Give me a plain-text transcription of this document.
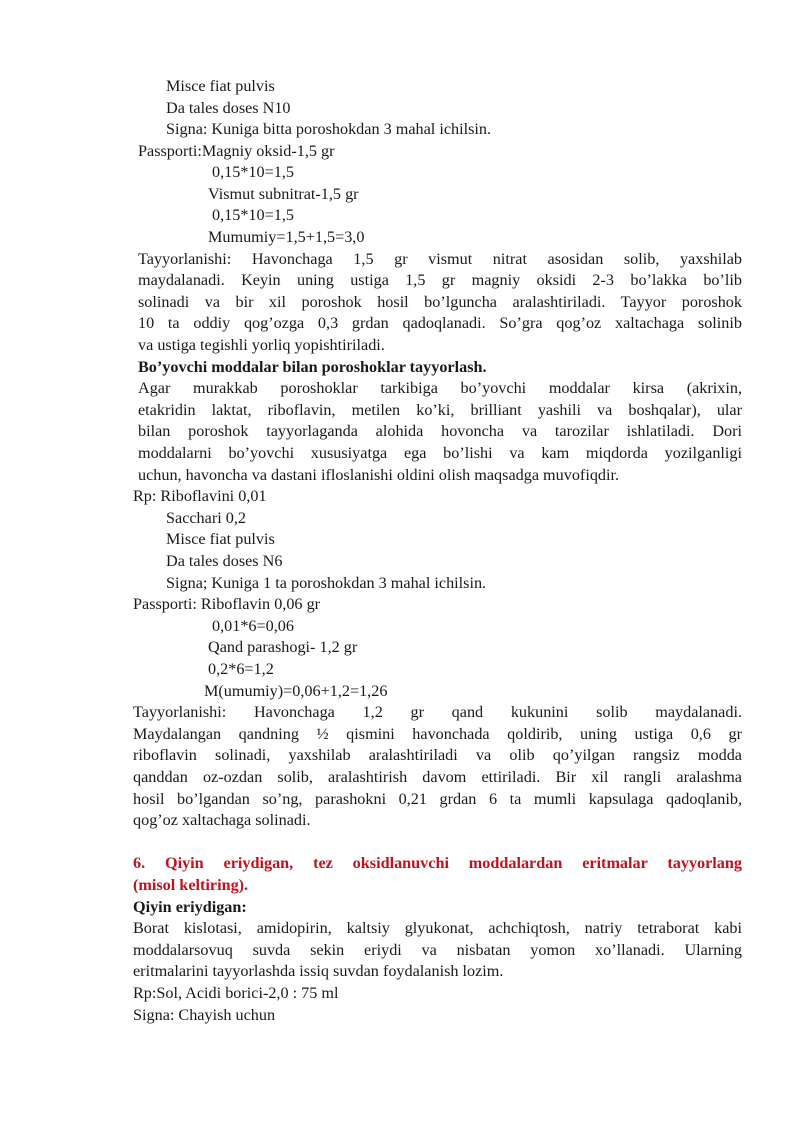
Misce fiat pulvis
Da tales doses N10
Signa: Kuniga bitta poroshokdan 3 mahal ichilsin.
Passporti:Magniy oksid-1,5 gr
0,15*10=1,5
Vismut subnitrat-1,5 gr
0,15*10=1,5
Mumumiy=1,5+1,5=3,0
Tayyorlanishi: Havonchaga 1,5 gr vismut nitrat asosidan solib, yaxshilab
maydalanadi. Keyin uning ustiga 1,5 gr magniy oksidi 2-3 bo’lakka bo’lib
solinadi va bir xil poroshok hosil bo’lguncha aralashtiriladi. Tayyor poroshok
10 ta oddiy qog’ozga 0,3 grdan qadoqlanadi. So’gra qog’oz xaltachaga solinib
va ustiga tegishli yorliq yopishtiriladi.
Bo’yovchi moddalar bilan poroshoklar tayyorlash.
Agar murakkab poroshoklar tarkibiga bo’yovchi moddalar kirsa (akrixin,
etakridin laktat, riboflavin, metilen ko’ki, brilliant yashili va boshqalar), ular
bilan poroshok tayyorlaganda alohida hovoncha va tarozilar ishlatiladi. Dori
moddalarni bo’yovchi xususiyatga ega bo’lishi va kam miqdorda yozilganligi
uchun, havoncha va dastani ifloslanishi oldini olish maqsadga muvofiqdir.
Rp: Riboflavini 0,01
Sacchari 0,2
Misce fiat pulvis
Da tales doses N6
Signa; Kuniga 1 ta poroshokdan 3 mahal ichilsin.
Passporti: Riboflavin 0,06 gr
0,01*6=0,06
Qand parashogi- 1,2 gr
0,2*6=1,2
M(umumiy)=0,06+1,2=1,26
Tayyorlanishi: Havonchaga 1,2 gr qand kukunini solib maydalanadi.
Maydalangan qandning ½ qismini havonchada qoldirib, uning ustiga 0,6 gr
riboflavin solinadi, yaxshilab aralashtiriladi va olib qo’yilgan rangsiz modda
qanddan oz-ozdan solib, aralashtirish davom ettiriladi. Bir xil rangli aralashma
hosil bo’lgandan so’ng, parashokni 0,21 grdan 6 ta mumli kapsulaga qadoqlanib,
qog’oz xaltachaga solinadi.
6. Qiyin eriydigan, tez oksidlanuvchi moddalardan eritmalar tayyorlang
(misol keltiring).
Qiyin eriydigan:
Borat kislotasi, amidopirin, kaltsiy glyukonat, achchiqtosh, natriy tetraborat kabi
moddalarsovuq suvda sekin eriydi va nisbatan yomon xo’llanadi. Ularning
eritmalarini tayyorlashda issiq suvdan foydalanish lozim.
Rp:Sol, Acidi borici-2,0 : 75 ml
Signa: Chayish uchun
